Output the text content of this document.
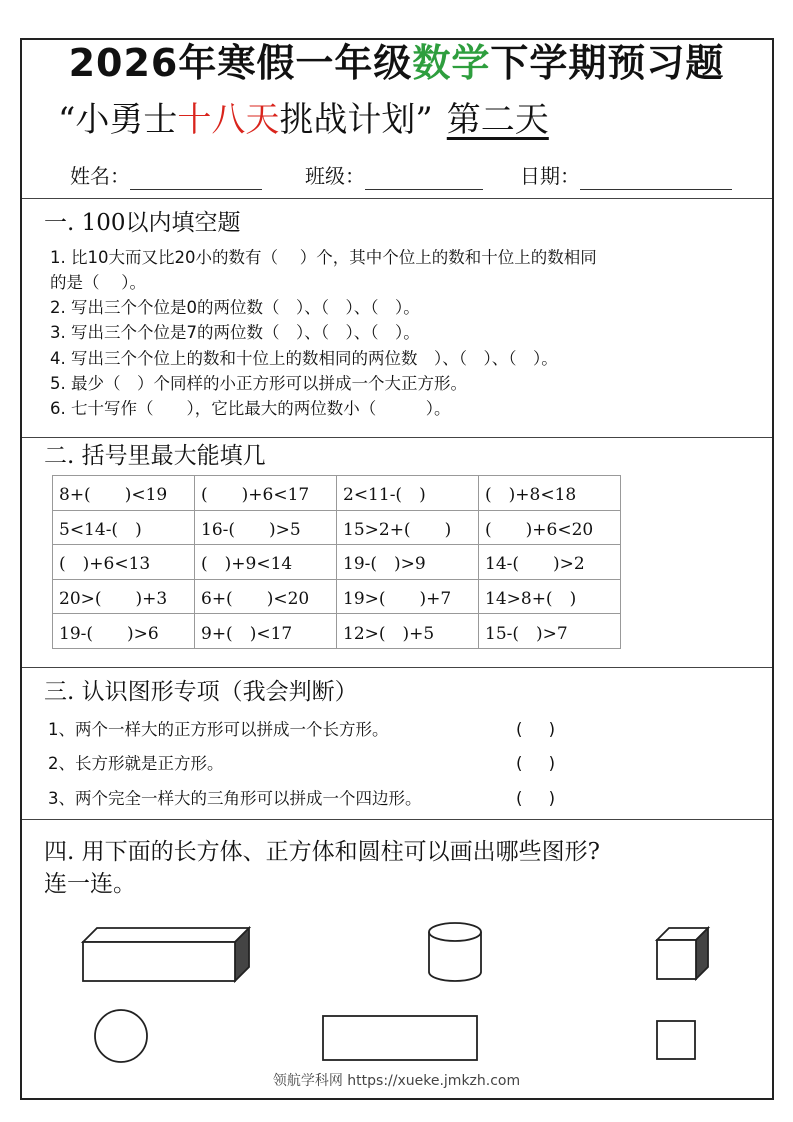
2026年寒假一年级数学下学期预习题
“小勇士十八天挑战计划” 第二天
姓名：	班级：	日期：
一. 100以内填空题
1. 比10大而又比20小的数有（　 ）个，其中个位上的数和十位上的数相同
的是（　 ）。
2. 写出三个个位是0的两位数（　）、（　）、（　）。
3. 写出三个个位是7的两位数（　）、（　）、（　）。
4. 写出三个个位上的数和十位上的数相同的两位数　）、（　）、（　）。
5. 最少（　）个同样的小正方形可以拼成一个大正方形。
6. 七十写作（　　），它比最大的两位数小（　　　）。
二. 括号里最大能填几
8+(　　)<19	(　　)+6<17	2<11-(　)	(　)+8<18
5<14-(　)	16-(　　)>5	15>2+(　　)	(　　)+6<20
(　)+6<13	(　)+9<14	19-(　)>9	14-(　　)>2
20>(　　)+3	6+(　　)<20	19>(　　)+7	14>8+(　)
19-(　　)>6	9+(　)<17	12>(　)+5	15-(　)>7
三. 认识图形专项（我会判断）
1、两个一样大的正方形可以拼成一个长方形。	(     )
2、长方形就是正方形。	(     )
3、两个完全一样大的三角形可以拼成一个四边形。	(     )
四. 用下面的长方体、正方体和圆柱可以画出哪些图形?
连一连。
领航学科网 https://xueke.jmkzh.com
